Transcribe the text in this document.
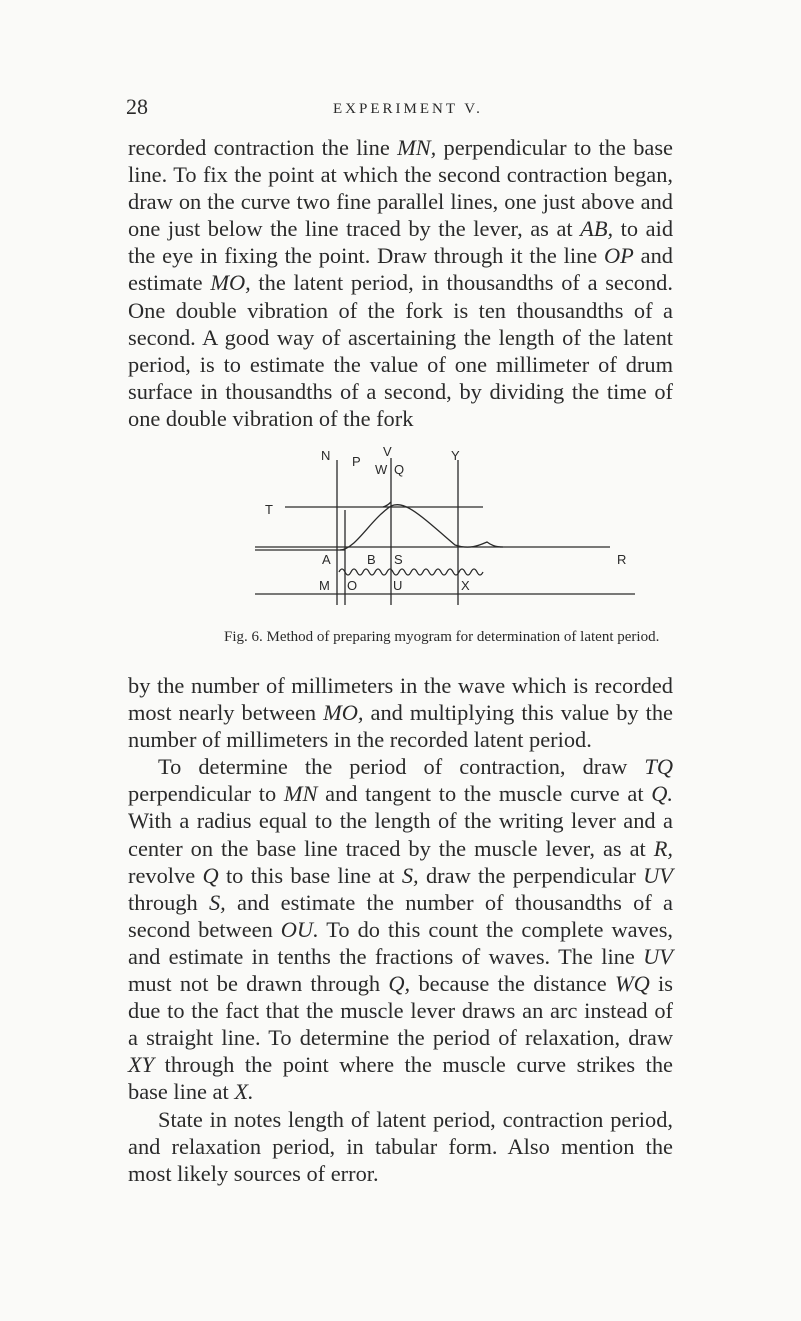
28	EXPERIMENT V.

recorded contraction the line MN, perpendicular to the base line. To fix the point at which the second contraction began, draw on the curve two fine parallel lines, one just above and one just below the line traced by the lever, as at AB, to aid the eye in fixing the point. Draw through it the line OP and estimate MO, the latent period, in thousandths of a second. One double vibration of the fork is ten thousandths of a second. A good way of ascertaining the length of the latent period, is to estimate the value of one millimeter of drum surface in thousandths of a second, by dividing the time of one double vibration of the fork

N P
V	Y
W Q
T
A	B S	R
M O	U	X
Fig. 6. Method of preparing myogram for determination of latent period.

by the number of millimeters in the wave which is recorded most nearly between MO, and multiplying this value by the number of millimeters in the recorded latent period.

To determine the period of contraction, draw TQ perpendicular to MN and tangent to the muscle curve at Q. With a radius equal to the length of the writing lever and a center on the base line traced by the muscle lever, as at R, revolve Q to this base line at S, draw the perpendicular UV through S, and estimate the number of thousandths of a second between OU. To do this count the complete waves, and estimate in tenths the fractions of waves. The line UV must not be drawn through Q, because the distance WQ is due to the fact that the muscle lever draws an arc instead of a straight line. To determine the period of relaxation, draw XY through the point where the muscle curve strikes the base line at X.

State in notes length of latent period, contraction period, and relaxation period, in tabular form. Also mention the most likely sources of error.
